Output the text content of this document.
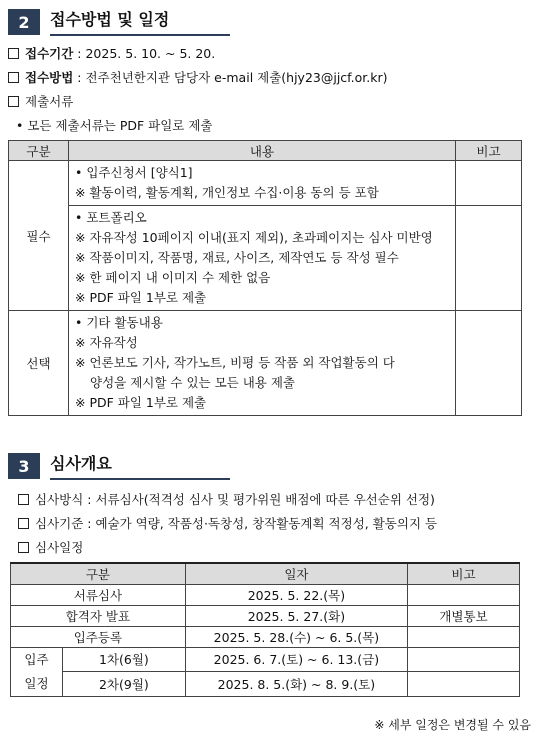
2	접수방법 및 일정
접수기간 : 2025. 5. 10. ~ 5. 20.
접수방법 : 전주천년한지관 담당자 e-mail 제출(hjy23@jjcf.or.kr)
제출서류
• 모든 제출서류는 PDF 파일로 제출
구분	내용	비고
필수	• 입주신청서 [양식1]
※ 활동이력, 활동계획, 개인정보 수집·이용 동의 등 포함	

	• 포트폴리오
※ 자유작성 10페이지 이내(표지 제외), 초과페이지는 심사 미반영
※ 작품이미지, 작품명, 재료, 사이즈, 제작연도 등 작성 필수
※ 한 페이지 내 이미지 수 제한 없음
※ PDF 파일 1부로 제출	

선택	• 기타 활동내용
※ 자유작성
※ 언론보도 기사, 작가노트, 비평 등 작품 외 작업활동의 다
양성을 제시할 수 있는 모든 내용 제출
※ PDF 파일 1부로 제출	

3	심사개요
심사방식 : 서류심사(적격성 심사 및 평가위원 배점에 따른 우선순위 선정)
심사기준 : 예술가 역량, 작품성·독창성, 창작활동계획 적정성, 활동의지 등
심사일정
구분		일자	비고
서류심사		2025. 5. 22.(목)	
합격자 발표		2025. 5. 27.(화)	개별통보
입주등록		2025. 5. 28.(수) ~ 6. 5.(목)	

입주
일정	1차(6월)	2025. 6. 7.(토) ~ 6. 13.(금)	
	2차(9월)	2025. 8. 5.(화) ~ 8. 9.(토)	
※ 세부 일정은 변경될 수 있음
